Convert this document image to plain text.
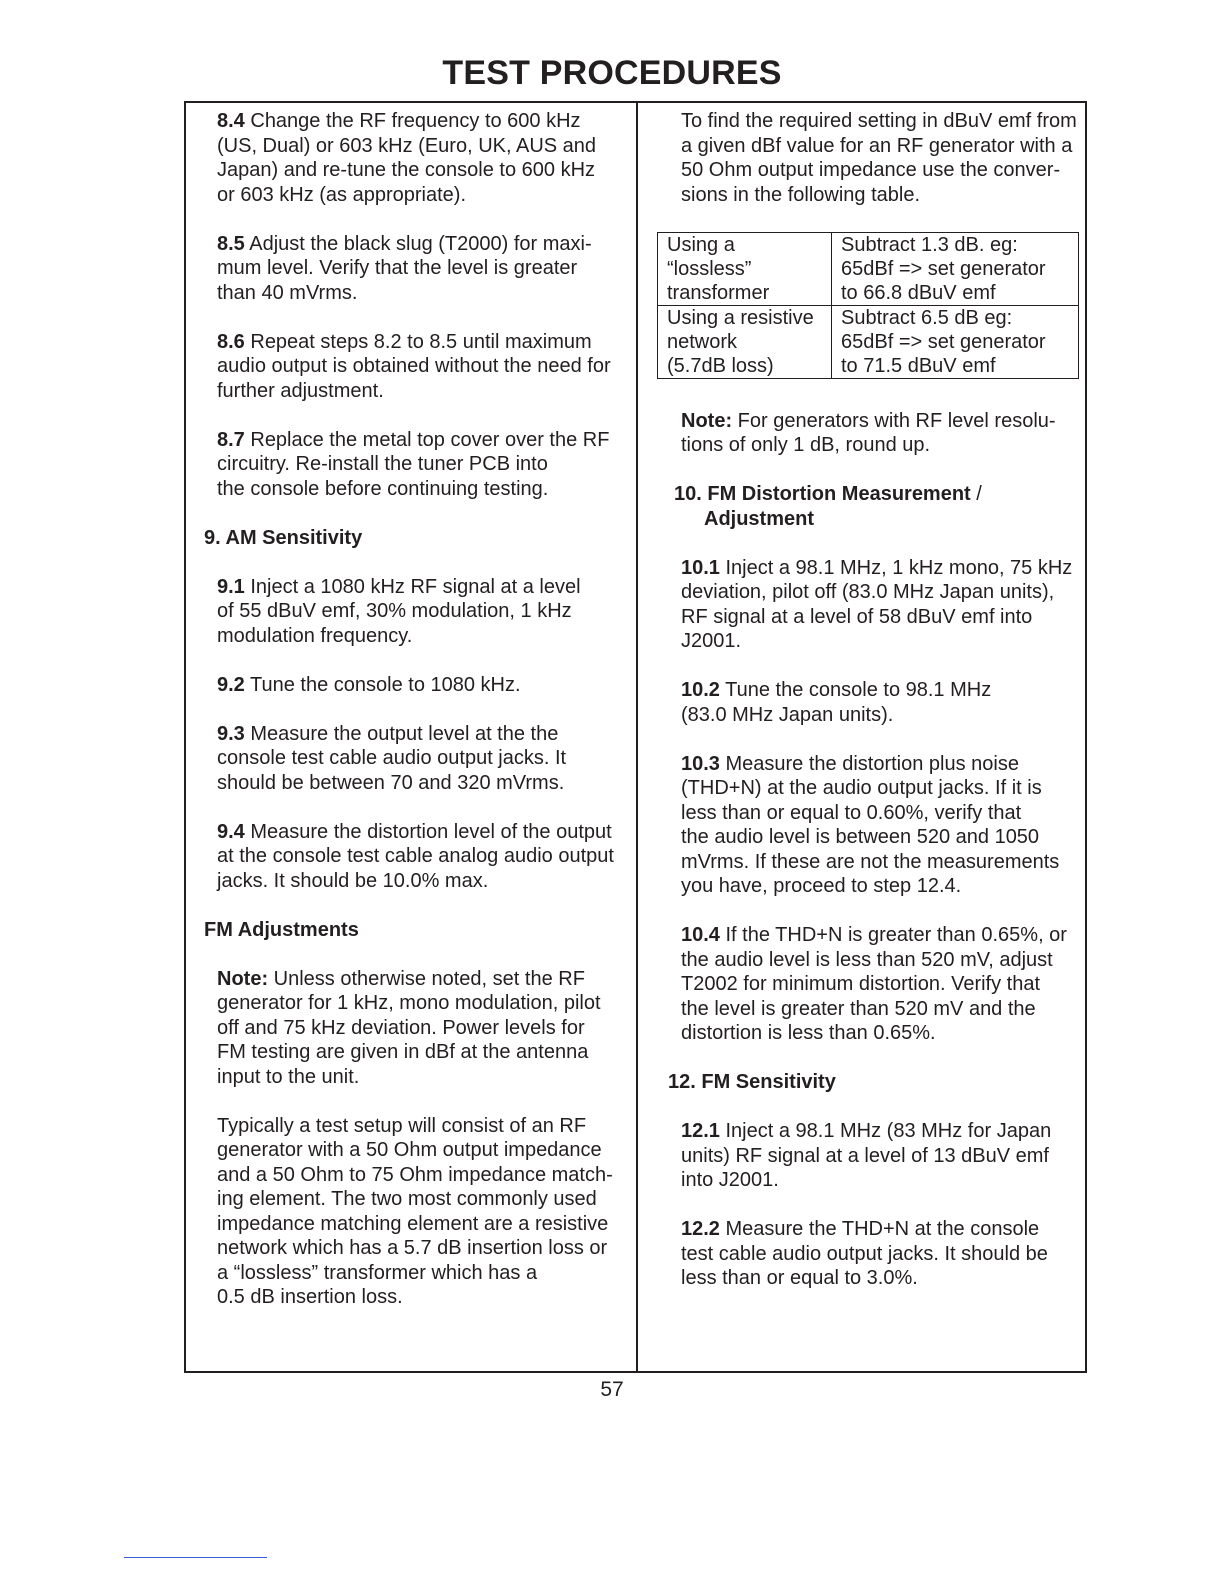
TEST PROCEDURES

8.4 Change the RF frequency to 600 kHz
(US, Dual) or 603 kHz (Euro, UK, AUS and
Japan) and re-tune the console to 600 kHz
or 603 kHz (as appropriate).

8.5 Adjust the black slug (T2000) for maxi-
mum level. Verify that the level is greater
than 40 mVrms.

8.6 Repeat steps 8.2 to 8.5 until maximum
audio output is obtained without the need for
further adjustment.

8.7 Replace the metal top cover over the RF
circuitry. Re-install the tuner PCB into
the console before continuing testing.

9. AM Sensitivity

9.1 Inject a 1080 kHz RF signal at a level
of 55 dBuV emf, 30% modulation, 1 kHz
modulation frequency.

9.2 Tune the console to 1080 kHz.

9.3 Measure the output level at the the
console test cable audio output jacks. It
should be between 70 and 320 mVrms.

9.4 Measure the distortion level of the output
at the console test cable analog audio output
jacks. It should be 10.0% max.

FM Adjustments

Note: Unless otherwise noted, set the RF
generator for 1 kHz, mono modulation, pilot
off and 75 kHz deviation. Power levels for
FM testing are given in dBf at the antenna
input to the unit.

Typically a test setup will consist of an RF
generator with a 50 Ohm output impedance
and a 50 Ohm to 75 Ohm impedance match-
ing element. The two most commonly used
impedance matching element are a resistive
network which has a 5.7 dB insertion loss or
a “lossless” transformer which has a
0.5 dB insertion loss.

To find the required setting in dBuV emf from
a given dBf value for an RF generator with a
50 Ohm output impedance use the conver-
sions in the following table.

Using a
“lossless”
transformer	Subtract 1.3 dB. eg:
65dBf => set generator
to 66.8 dBuV emf
Using a resistive
network
(5.7dB loss)	Subtract 6.5 dB eg:
65dBf => set generator
to 71.5 dBuV emf

Note: For generators with RF level resolu-
tions of only 1 dB, round up.

10. FM Distortion Measurement /
Adjustment

10.1 Inject a 98.1 MHz, 1 kHz mono, 75 kHz
deviation, pilot off (83.0 MHz Japan units),
RF signal at a level of 58 dBuV emf into
J2001.

10.2 Tune the console to 98.1 MHz
(83.0 MHz Japan units).

10.3 Measure the distortion plus noise
(THD+N) at the audio output jacks. If it is
less than or equal to 0.60%, verify that
the audio level is between 520 and 1050
mVrms. If these are not the measurements
you have, proceed to step 12.4.

10.4 If the THD+N is greater than 0.65%, or
the audio level is less than 520 mV, adjust
T2002 for minimum distortion. Verify that
the level is greater than 520 mV and the
distortion is less than 0.65%.

12. FM Sensitivity

12.1 Inject a 98.1 MHz (83 MHz for Japan
units) RF signal at a level of 13 dBuV emf
into J2001.

12.2 Measure the THD+N at the console
test cable audio output jacks. It should be
less than or equal to 3.0%.

57
